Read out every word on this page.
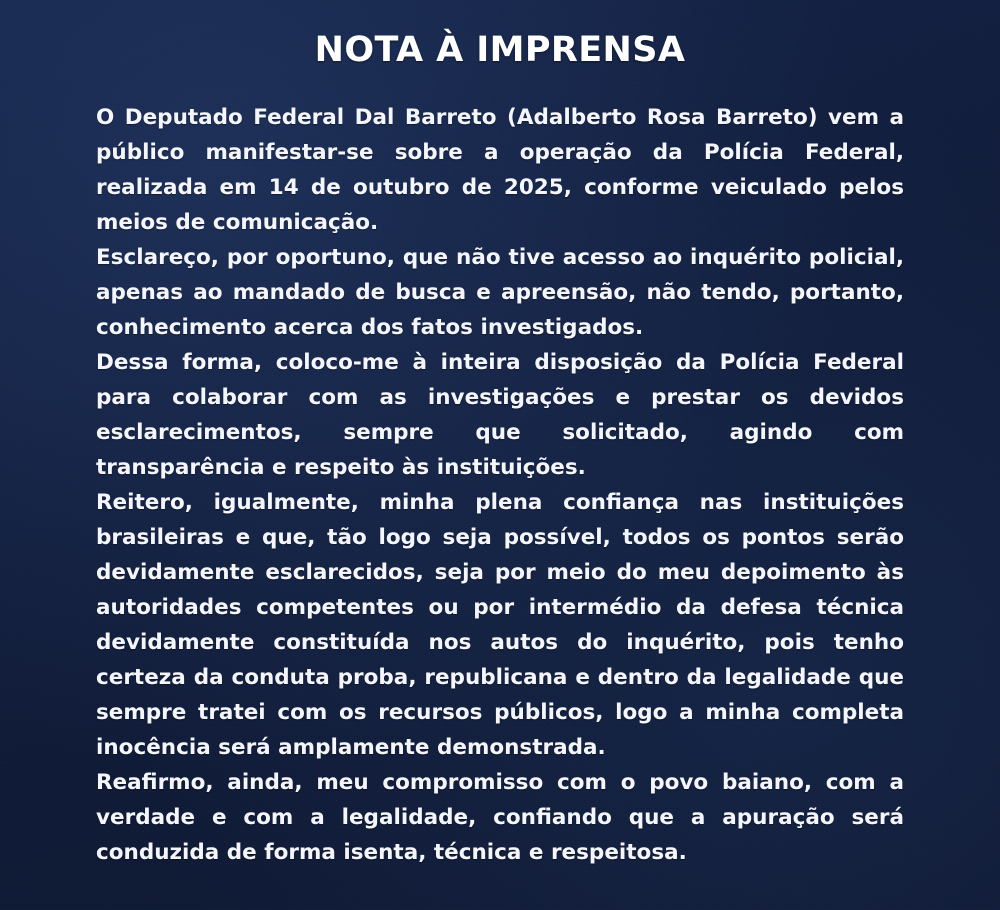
NOTA À IMPRENSA

O Deputado Federal Dal Barreto (Adalberto Rosa Barreto) vem a público manifestar-se sobre a operação da Polícia Federal, realizada em 14 de outubro de 2025, conforme veiculado pelos meios de comunicação.

Esclareço, por oportuno, que não tive acesso ao inquérito policial, apenas ao mandado de busca e apreensão, não tendo, portanto, conhecimento acerca dos fatos investigados.

Dessa forma, coloco-me à inteira disposição da Polícia Federal para colaborar com as investigações e prestar os devidos esclarecimentos, sempre que solicitado, agindo com transparência e respeito às instituições.

Reitero, igualmente, minha plena confiança nas instituições brasileiras e que, tão logo seja possível, todos os pontos serão devidamente esclarecidos, seja por meio do meu depoimento às autoridades competentes ou por intermédio da defesa técnica devidamente constituída nos autos do inquérito, pois tenho certeza da conduta proba, republicana e dentro da legalidade que sempre tratei com os recursos públicos, logo a minha completa inocência será amplamente demonstrada.

Reafirmo, ainda, meu compromisso com o povo baiano, com a verdade e com a legalidade, confiando que a apuração será conduzida de forma isenta, técnica e respeitosa.
